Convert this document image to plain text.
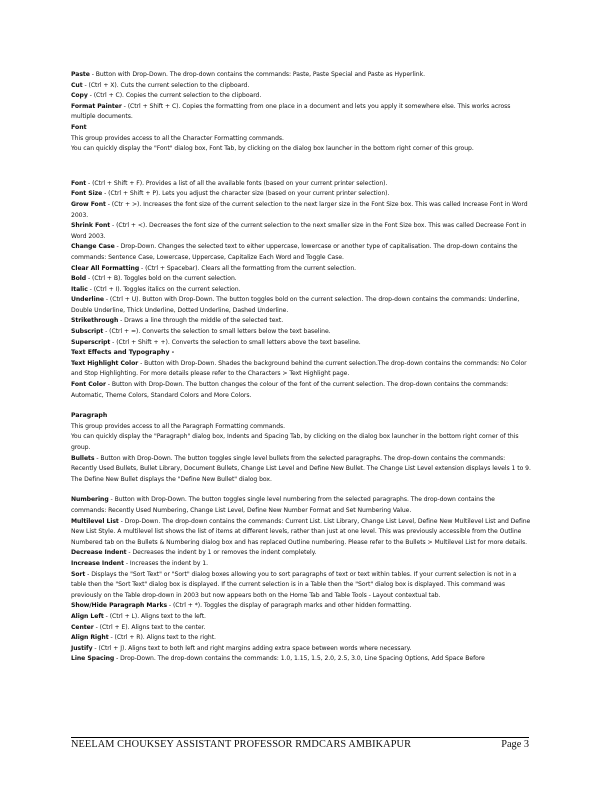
Paste - Button with Drop-Down. The drop-down contains the commands: Paste, Paste Special and Paste as Hyperlink.

Cut - (Ctrl + X). Cuts the current selection to the clipboard.

Copy - (Ctrl + C). Copies the current selection to the clipboard.

Format Painter - (Ctrl + Shift + C). Copies the formatting from one place in a document and lets you apply it somewhere else. This works across multiple documents.

Font

This group provides access to all the Character Formatting commands.

You can quickly display the "Font" dialog box, Font Tab, by clicking on the dialog box launcher in the bottom right corner of this group.

Font - (Ctrl + Shift + F). Provides a list of all the available fonts (based on your current printer selection).

Font Size - (Ctrl + Shift + P). Lets you adjust the character size (based on your current printer selection).

Grow Font - (Ctr + >). Increases the font size of the current selection to the next larger size in the Font Size box. This was called Increase Font in Word 2003.

Shrink Font - (Ctrl + <). Decreases the font size of the current selection to the next smaller size in the Font Size box. This was called Decrease Font in Word 2003.

Change Case - Drop-Down. Changes the selected text to either uppercase, lowercase or another type of capitalisation. The drop-down contains the commands: Sentence Case, Lowercase, Uppercase, Capitalize Each Word and Toggle Case.

Clear All Formatting - (Ctrl + Spacebar). Clears all the formatting from the current selection.

Bold - (Ctrl + B). Toggles bold on the current selection.

Italic - (Ctrl + I). Toggles italics on the current selection.

Underline - (Ctrl + U). Button with Drop-Down. The button toggles bold on the current selection. The drop-down contains the commands: Underline, Double Underline, Thick Underline, Dotted Underline, Dashed Underline.

Strikethrough - Draws a line through the middle of the selected text.

Subscript - (Ctrl + =). Converts the selection to small letters below the text baseline.

Superscript - (Ctrl + Shift + +). Converts the selection to small letters above the text baseline.

Text Effects and Typography -

Text Highlight Color - Button with Drop-Down. Shades the background behind the current selection.The drop-down contains the commands: No Color and Stop Highlighting. For more details please refer to the Characters > Text Highlight page.

Font Color - Button with Drop-Down. The button changes the colour of the font of the current selection. The drop-down contains the commands: Automatic, Theme Colors, Standard Colors and More Colors.

Paragraph

This group provides access to all the Paragraph Formatting commands.

You can quickly display the "Paragraph" dialog box, Indents and Spacing Tab, by clicking on the dialog box launcher in the bottom right corner of this group.

Bullets - Button with Drop-Down. The button toggles single level bullets from the selected paragraphs. The drop-down contains the commands: Recently Used Bullets, Bullet Library, Document Bullets, Change List Level and Define New Bullet. The Change List Level extension displays levels 1 to 9. The Define New Bullet displays the "Define New Bullet" dialog box.

Numbering - Button with Drop-Down. The button toggles single level numbering from the selected paragraphs. The drop-down contains the commands: Recently Used Numbering, Change List Level, Define New Number Format and Set Numbering Value.

Multilevel List - Drop-Down. The drop-down contains the commands: Current List. List Library, Change List Level, Define New Multilevel List and Define New List Style. A multilevel list shows the list of items at different levels, rather than just at one level. This was previously accessible from the Outline Numbered tab on the Bullets & Numbering dialog box and has replaced Outline numbering. Please refer to the Bullets > Multilevel List for more details.

Decrease Indent - Decreases the indent by 1 or removes the indent completely.

Increase Indent - Increases the indent by 1.

Sort - Displays the "Sort Text" or "Sort" dialog boxes allowing you to sort paragraphs of text or text within tables. If your current selection is not in a table then the "Sort Text" dialog box is displayed. If the current selection is in a Table then the "Sort" dialog box is displayed. This command was previously on the Table drop-down in 2003 but now appears both on the Home Tab and Table Tools - Layout contextual tab.

Show/Hide Paragraph Marks - (Ctrl + *). Toggles the display of paragraph marks and other hidden formatting.

Align Left - (Ctrl + L). Aligns text to the left.

Center - (Ctrl + E). Aligns text to the center.

Align Right - (Ctrl + R). Aligns text to the right.

Justify - (Ctrl + J). Aligns text to both left and right margins adding extra space between words where necessary.

Line Spacing - Drop-Down. The drop-down contains the commands: 1.0, 1.15, 1.5, 2.0, 2.5, 3.0, Line Spacing Options, Add Space Before

NEELAM CHOUKSEY ASSISTANT PROFESSOR RMDCARS AMBIKAPUR	Page 3
